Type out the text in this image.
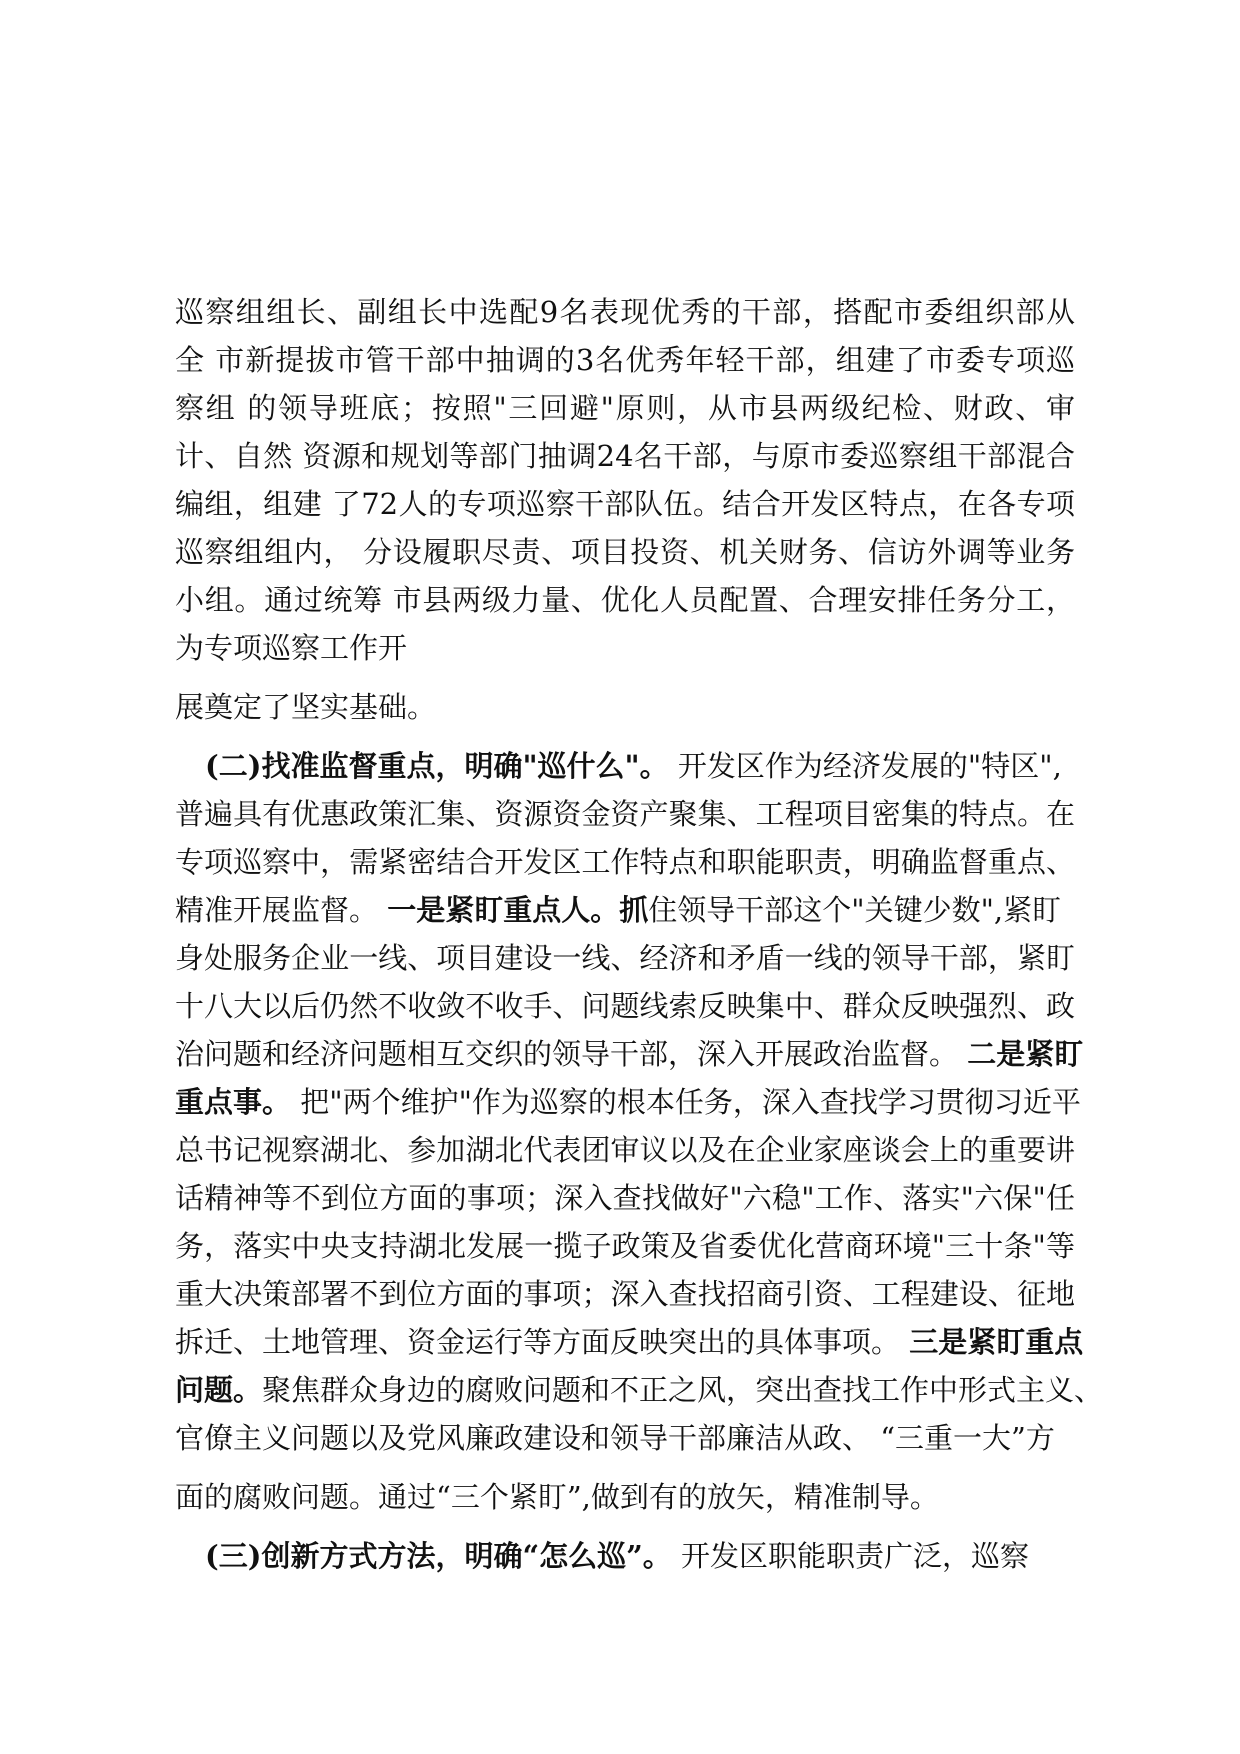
巡察组组长、副组长中选配9名表现优秀的干部，搭配市委组织部从

全 市新提拔市管干部中抽调的3名优秀年轻干部，组建了市委专项巡

察组 的领导班底；按照"三回避"原则，从市县两级纪检、财政、审

计、自然 资源和规划等部门抽调24名干部，与原市委巡察组干部混合

编组，组建 了72人的专项巡察干部队伍。结合开发区特点，在各专项

巡察组组内， 分设履职尽责、项目投资、机关财务、信访外调等业务

小组。通过统筹 市县两级力量、优化人员配置、合理安排任务分工，

为专项巡察工作开

展奠定了坚实基础。

(二)找准监督重点，明确"巡什么"。 开发区作为经济发展的"特区",

普遍具有优惠政策汇集、资源资金资产聚集、工程项目密集的特点。在

专项巡察中，需紧密结合开发区工作特点和职能职责，明确监督重点、

精准开展监督。 一是紧盯重点人。抓住领导干部这个"关键少数",紧盯

身处服务企业一线、项目建设一线、经济和矛盾一线的领导干部，紧盯

十八大以后仍然不收敛不收手、问题线索反映集中、群众反映强烈、政

治问题和经济问题相互交织的领导干部，深入开展政治监督。 二是紧盯

重点事。 把"两个维护"作为巡察的根本任务，深入查找学习贯彻习近平

总书记视察湖北、参加湖北代表团审议以及在企业家座谈会上的重要讲

话精神等不到位方面的事项；深入查找做好"六稳"工作、落实"六保"任

务，落实中央支持湖北发展一揽子政策及省委优化营商环境"三十条"等

重大决策部署不到位方面的事项；深入查找招商引资、工程建设、征地

拆迁、土地管理、资金运行等方面反映突出的具体事项。 三是紧盯重点

问题。聚焦群众身边的腐败问题和不正之风，突出查找工作中形式主义、

官僚主义问题以及党风廉政建设和领导干部廉洁从政、 “三重一大”方

面的腐败问题。通过“三个紧盯”,做到有的放矢，精准制导。

(三)创新方式方法，明确“怎么巡”。 开发区职能职责广泛，巡察
